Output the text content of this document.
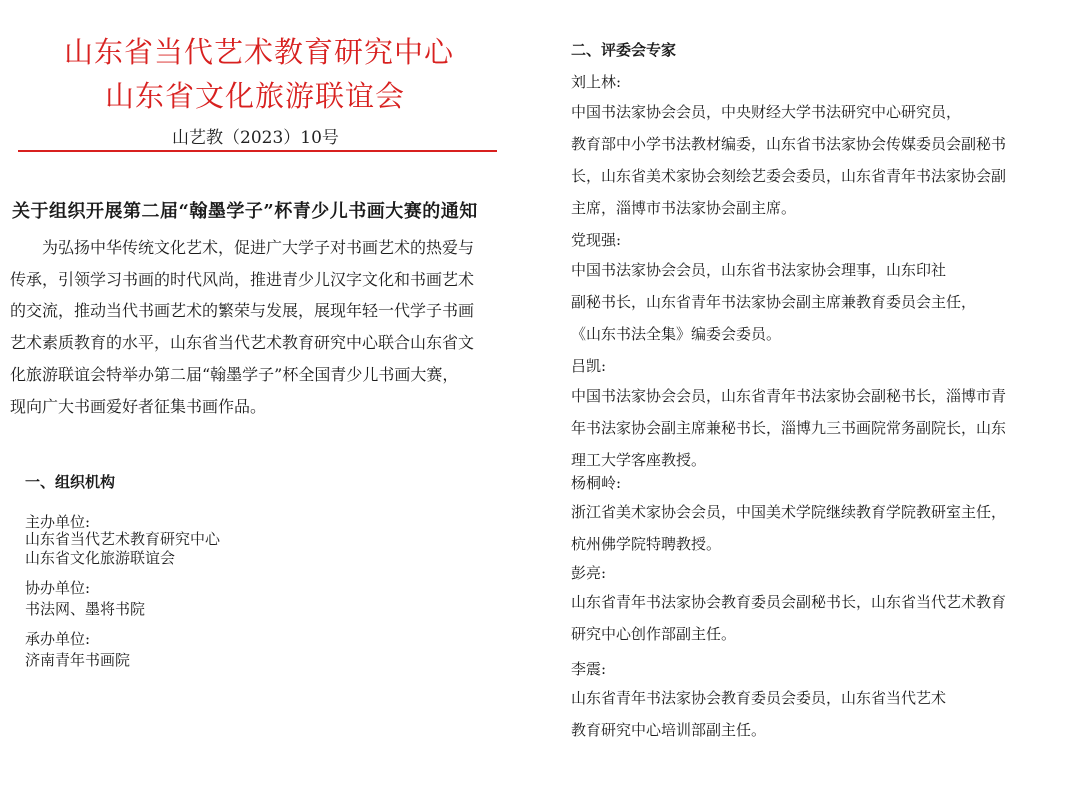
山东省当代艺术教育研究中心
山东省文化旅游联谊会
山艺教（2023）10号
关于组织开展第二届“翰墨学子”杯青少儿书画大赛的通知
为弘扬中华传统文化艺术，促进广大学子对书画艺术的热爱与
传承，引领学习书画的时代风尚，推进青少儿汉字文化和书画艺术
的交流，推动当代书画艺术的繁荣与发展，展现年轻一代学子书画
艺术素质教育的水平，山东省当代艺术教育研究中心联合山东省文
化旅游联谊会特举办第二届“翰墨学子”杯全国青少儿书画大赛，
现向广大书画爱好者征集书画作品。
一、组织机构
主办单位:
山东省当代艺术教育研究中心
山东省文化旅游联谊会
协办单位:
书法网、墨将书院
承办单位:
济南青年书画院
二、评委会专家
刘上林:
中国书法家协会会员，中央财经大学书法研究中心研究员，
教育部中小学书法教材编委，山东省书法家协会传媒委员会副秘书
长，山东省美术家协会刻绘艺委会委员，山东省青年书法家协会副
主席，淄博市书法家协会副主席。
党现强:
中国书法家协会会员，山东省书法家协会理事，山东印社
副秘书长，山东省青年书法家协会副主席兼教育委员会主任，
《山东书法全集》编委会委员。
吕凯:
中国书法家协会会员，山东省青年书法家协会副秘书长，淄博市青
年书法家协会副主席兼秘书长，淄博九三书画院常务副院长，山东
理工大学客座教授。
杨桐岭:
浙江省美术家协会会员，中国美术学院继续教育学院教研室主任，
杭州佛学院特聘教授。
彭亮:
山东省青年书法家协会教育委员会副秘书长，山东省当代艺术教育
研究中心创作部副主任。
李震:
山东省青年书法家协会教育委员会委员，山东省当代艺术
教育研究中心培训部副主任。
